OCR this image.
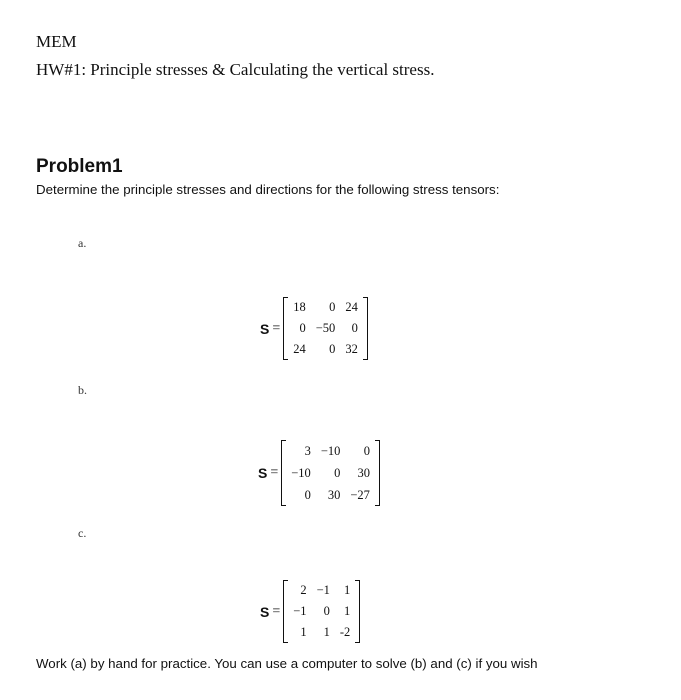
MEM
HW#1: Principle stresses & Calculating the vertical stress.
Problem1
Determine the principle stresses and directions for the following stress tensors:
a.
S =
18	0	24
0	−50	0
24	0	32
b.
S =
3	−10	0
−10	0	30
0	30	−27
c.
S =
2	−1	1
−1	0	1
1	1	-2
Work (a) by hand for practice. You can use a computer to solve (b) and (c) if you wish
